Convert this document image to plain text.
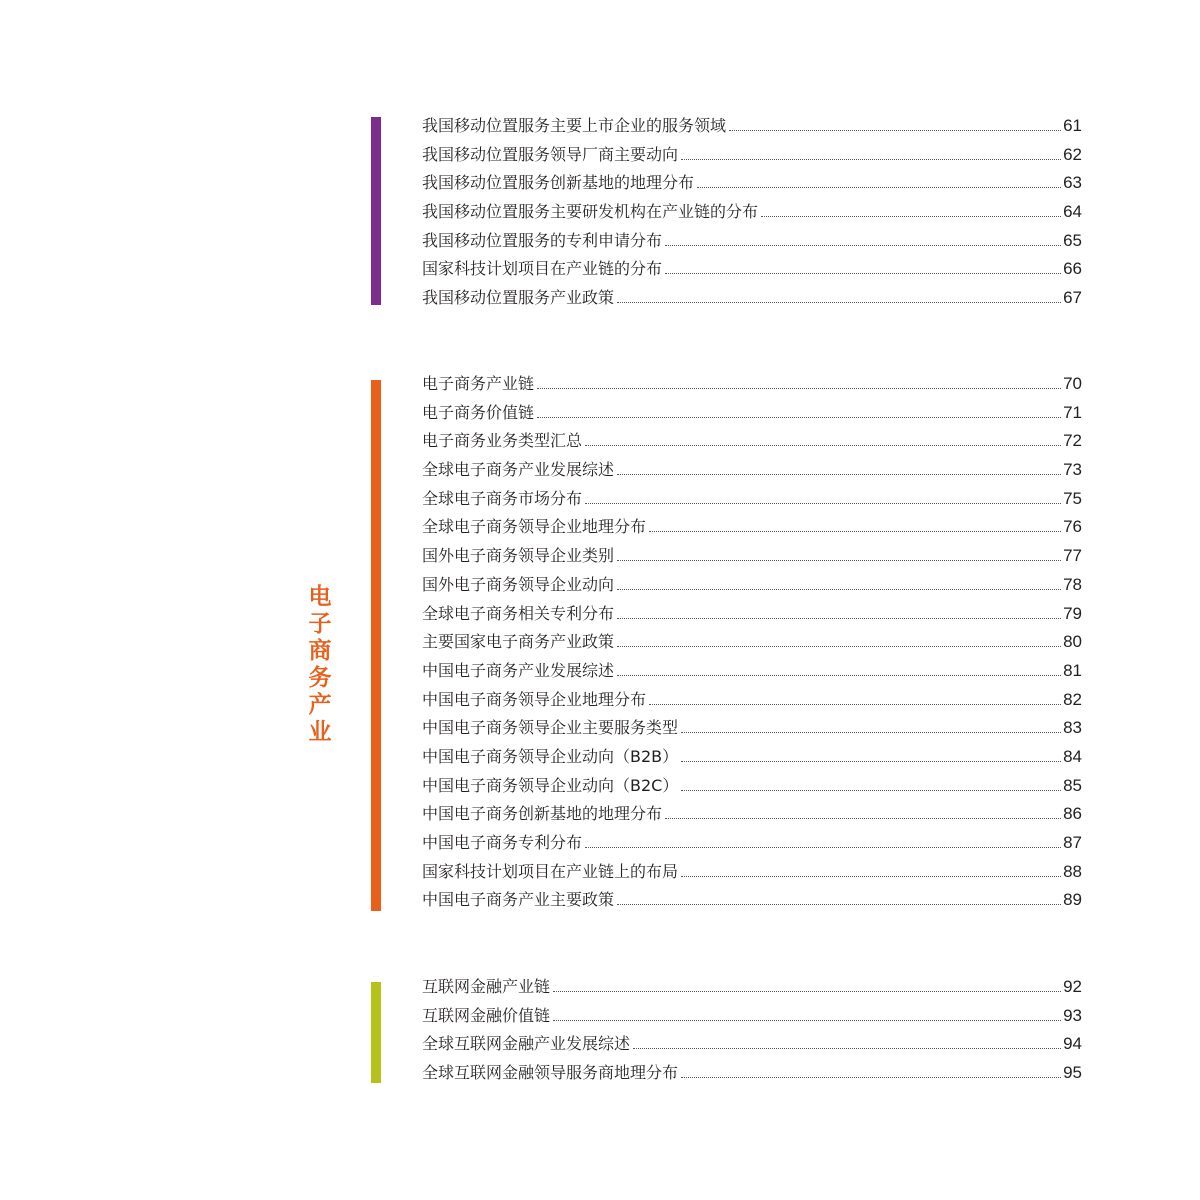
我国移动位置服务主要上市企业的服务领域	61
我国移动位置服务领导厂商主要动向	62
我国移动位置服务创新基地的地理分布	63
我国移动位置服务主要研发机构在产业链的分布	64
我国移动位置服务的专利申请分布	65
国家科技计划项目在产业链的分布	66
我国移动位置服务产业政策	67
电
子
商
务
产
业
电子商务产业链	70
电子商务价值链	71
电子商务业务类型汇总	72
全球电子商务产业发展综述	73
全球电子商务市场分布	75
全球电子商务领导企业地理分布	76
国外电子商务领导企业类别	77
国外电子商务领导企业动向	78
全球电子商务相关专利分布	79
主要国家电子商务产业政策	80
中国电子商务产业发展综述	81
中国电子商务领导企业地理分布	82
中国电子商务领导企业主要服务类型	83
中国电子商务领导企业动向（B2B）	84
中国电子商务领导企业动向（B2C）	85
中国电子商务创新基地的地理分布	86
中国电子商务专利分布	87
国家科技计划项目在产业链上的布局	88
中国电子商务产业主要政策	89
互联网金融产业链	92
互联网金融价值链	93
全球互联网金融产业发展综述	94
全球互联网金融领导服务商地理分布	95
